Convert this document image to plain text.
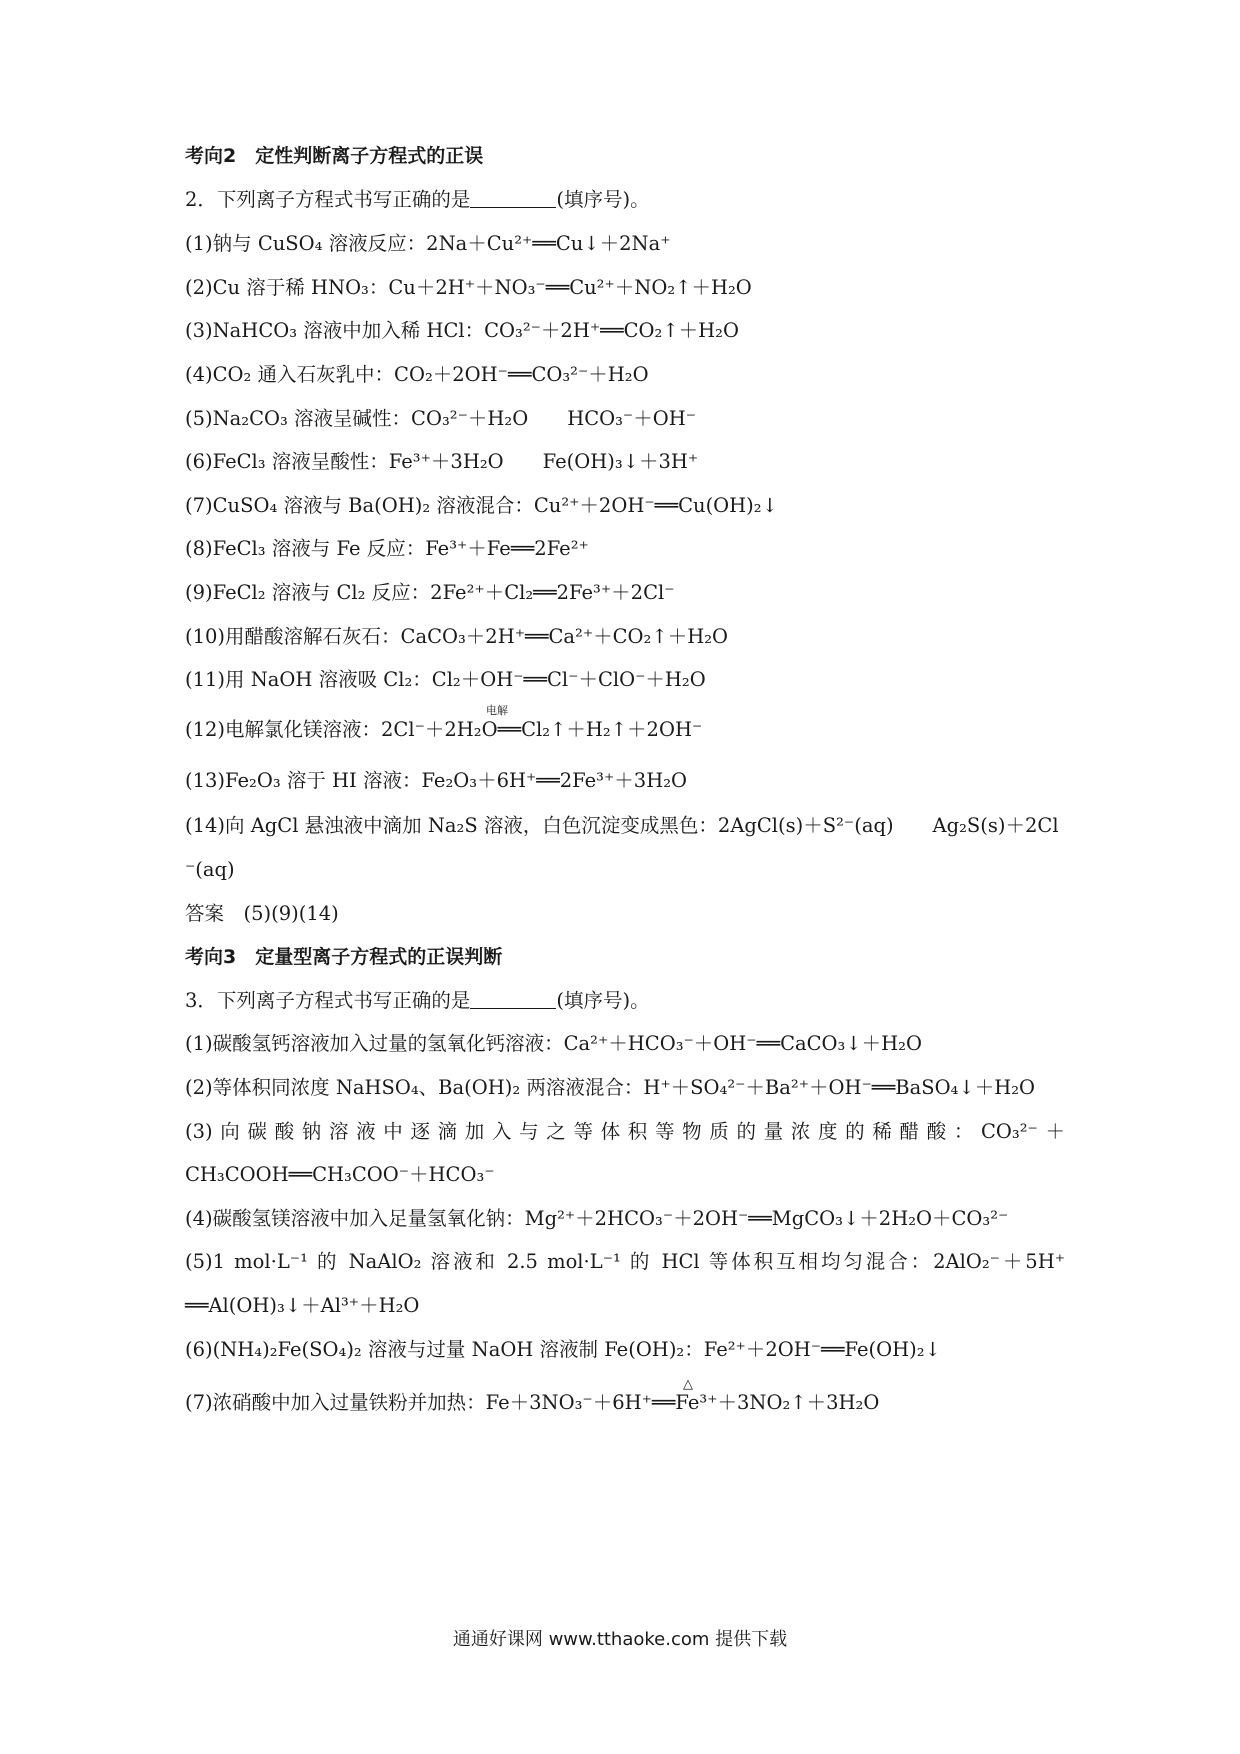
考向2　定性判断离子方程式的正误
2．下列离子方程式书写正确的是	(填序号)。
(1)钠与 CuSO₄ 溶液反应：2Na＋Cu²⁺══Cu↓＋2Na⁺
(2)Cu 溶于稀 HNO₃：Cu＋2H⁺＋NO₃⁻══Cu²⁺＋NO₂↑＋H₂O
(3)NaHCO₃ 溶液中加入稀 HCl：CO₃²⁻＋2H⁺══CO₂↑＋H₂O
(4)CO₂ 通入石灰乳中：CO₂＋2OH⁻══CO₃²⁻＋H₂O
(5)Na₂CO₃ 溶液呈碱性：CO₃²⁻＋H₂O　　HCO₃⁻＋OH⁻
(6)FeCl₃ 溶液呈酸性：Fe³⁺＋3H₂O　　Fe(OH)₃↓＋3H⁺
(7)CuSO₄ 溶液与 Ba(OH)₂ 溶液混合：Cu²⁺＋2OH⁻══Cu(OH)₂↓
(8)FeCl₃ 溶液与 Fe 反应：Fe³⁺＋Fe══2Fe²⁺
(9)FeCl₂ 溶液与 Cl₂ 反应：2Fe²⁺＋Cl₂══2Fe³⁺＋2Cl⁻
(10)用醋酸溶解石灰石：CaCO₃＋2H⁺══Ca²⁺＋CO₂↑＋H₂O
(11)用 NaOH 溶液吸 Cl₂：Cl₂＋OH⁻══Cl⁻＋ClO⁻＋H₂O
电解
(12)电解氯化镁溶液：2Cl⁻＋2H₂O══Cl₂↑＋H₂↑＋2OH⁻
(13)Fe₂O₃ 溶于 HI 溶液：Fe₂O₃＋6H⁺══2Fe³⁺＋3H₂O
(14)向 AgCl 悬浊液中滴加 Na₂S 溶液，白色沉淀变成黑色：2AgCl(s)＋S²⁻(aq)　　Ag₂S(s)＋2Cl
⁻(aq)
答案　(5)(9)(14)
考向3　定量型离子方程式的正误判断
3．下列离子方程式书写正确的是	(填序号)。
(1)碳酸氢钙溶液加入过量的氢氧化钙溶液：Ca²⁺＋HCO₃⁻＋OH⁻══CaCO₃↓＋H₂O
(2)等体积同浓度 NaHSO₄、Ba(OH)₂ 两溶液混合：H⁺＋SO₄²⁻＋Ba²⁺＋OH⁻══BaSO₄↓＋H₂O
(3)向碳酸钠溶液中逐滴加入与之等体积等物质的量浓度的稀醋酸：CO₃²⁻＋
CH₃COOH══CH₃COO⁻＋HCO₃⁻
(4)碳酸氢镁溶液中加入足量氢氧化钠：Mg²⁺＋2HCO₃⁻＋2OH⁻══MgCO₃↓＋2H₂O＋CO₃²⁻
(5)1 mol·L⁻¹ 的 NaAlO₂ 溶液和 2.5 mol·L⁻¹ 的 HCl 等体积互相均匀混合：2AlO₂⁻＋5H⁺
══Al(OH)₃↓＋Al³⁺＋H₂O
(6)(NH₄)₂Fe(SO₄)₂ 溶液与过量 NaOH 溶液制 Fe(OH)₂：Fe²⁺＋2OH⁻══Fe(OH)₂↓
△
(7)浓硝酸中加入过量铁粉并加热：Fe＋3NO₃⁻＋6H⁺══Fe³⁺＋3NO₂↑＋3H₂O
通通好课网 www.tthaoke.com 提供下载
